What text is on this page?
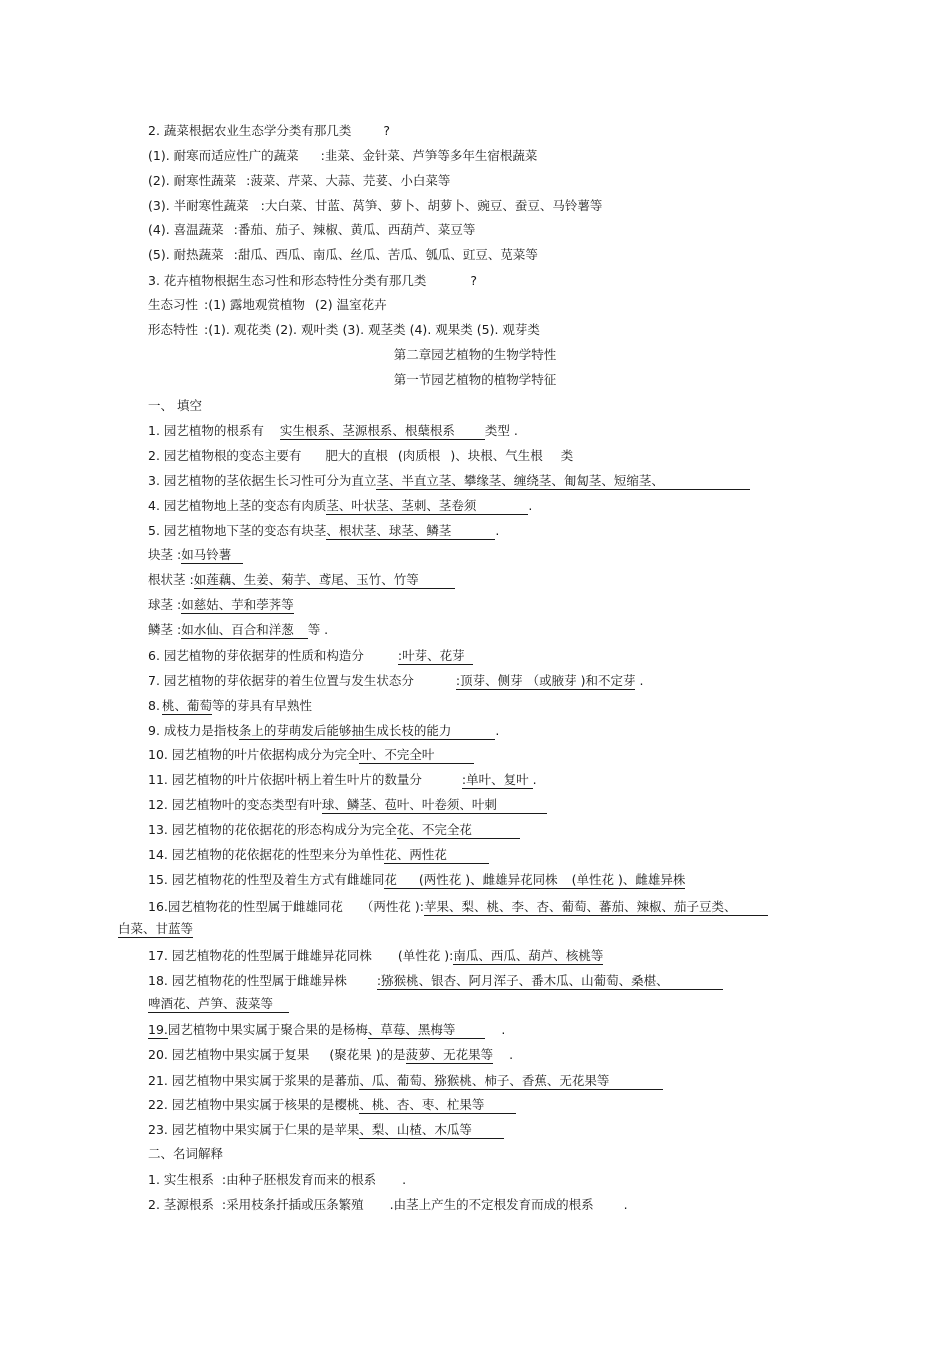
2. 蔬菜根据农业生态学分类有那几类	?
(1). 耐寒而适应性广的蔬菜 :韭菜、金针菜、芦笋等多年生宿根蔬菜
(2). 耐寒性蔬菜 :菠菜、芹菜、大蒜、芫荽、小白菜等
(3). 半耐寒性蔬菜 :大白菜、甘蓝、莴笋、萝卜、胡萝卜、豌豆、蚕豆、马铃薯等
(4). 喜温蔬菜 :番茄、茄子、辣椒、黄瓜、西葫芦、菜豆等
(5). 耐热蔬菜 :甜瓜、西瓜、南瓜、丝瓜、苦瓜、瓠瓜、豇豆、苋菜等
3. 花卉植物根据生态习性和形态特性分类有那几类	?
生态习性 :(1) 露地观赏植物 (2) 温室花卉
形态特性 :(1). 观花类 (2). 观叶类 (3). 观茎类 (4). 观果类 (5). 观芽类
第二章园艺植物的生物学特性
第一节园艺植物的植物学特征
一、 填空
1. 园艺植物的根系有 实生根系、茎源根系、根蘖根系 类型 .
2. 园艺植物根的变态主要有 肥大的直根 (肉质根 )、块根、气生根 类
3. 园艺植物的茎依据生长习性可分为直立茎、半直立茎、攀缘茎、缠绕茎、匍匐茎、短缩茎、
4. 园艺植物地上茎的变态有肉质茎、叶状茎、茎刺、茎卷须	.
5. 园艺植物地下茎的变态有块茎、根状茎、球茎、鳞茎	.
块茎 :如马铃薯
根状茎 :如莲藕、生姜、菊芋、鸢尾、玉竹、竹等
球茎 :如慈姑、芋和荸荠等
鳞茎 :如水仙、百合和洋葱 等 .
6. 园艺植物的芽依据芽的性质和构造分	:叶芽、花芽
7. 园艺植物的芽依据芽的着生位置与发生状态分	:顶芽、侧芽 （或腋芽 )和不定芽 .
8. 桃、葡萄等的芽具有早熟性
9. 成枝力是指枝条上的芽萌发后能够抽生成长枝的能力	.
10. 园艺植物的叶片依据构成分为完全叶、不完全叶
11. 园艺植物的叶片依据叶柄上着生叶片的数量分	:单叶、复叶 .
12. 园艺植物叶的变态类型有叶球、鳞茎、苞叶、叶卷须、叶刺
13. 园艺植物的花依据花的形态构成分为完全花、不完全花
14. 园艺植物的花依据花的性型来分为单性花、两性花
15. 园艺植物花的性型及着生方式有雌雄同花 (两性花 )、雌雄异花同株 (单性花 )、雌雄异株
16.园艺植物花的性型属于雌雄同花 （两性花 ):苹果、梨、桃、李、杏、葡萄、蕃茄、辣椒、茄子豆类、
白菜、甘蓝等
17. 园艺植物花的性型属于雌雄异花同株 (单性花 ):南瓜、西瓜、葫芦、核桃等
18. 园艺植物花的性型属于雌雄异株 :猕猴桃、银杏、阿月浑子、番木瓜、山葡萄、桑椹、
啤酒花、芦笋、菠菜等
19.园艺植物中果实属于聚合果的是杨梅、草莓、黑梅等	.
20. 园艺植物中果实属于复果 (聚花果 )的是菠萝、无花果等 .
21. 园艺植物中果实属于浆果的是蕃茄、瓜、葡萄、猕猴桃、柿子、香蕉、无花果等
22. 园艺植物中果实属于核果的是樱桃、桃、杏、枣、杧果等
23. 园艺植物中果实属于仁果的是苹果、梨、山楂、木瓜等
二、名词解释
1. 实生根系 :由种子胚根发育而来的根系 .
2. 茎源根系 :采用枝条扦插或压条繁殖 .由茎上产生的不定根发育而成的根系 .
